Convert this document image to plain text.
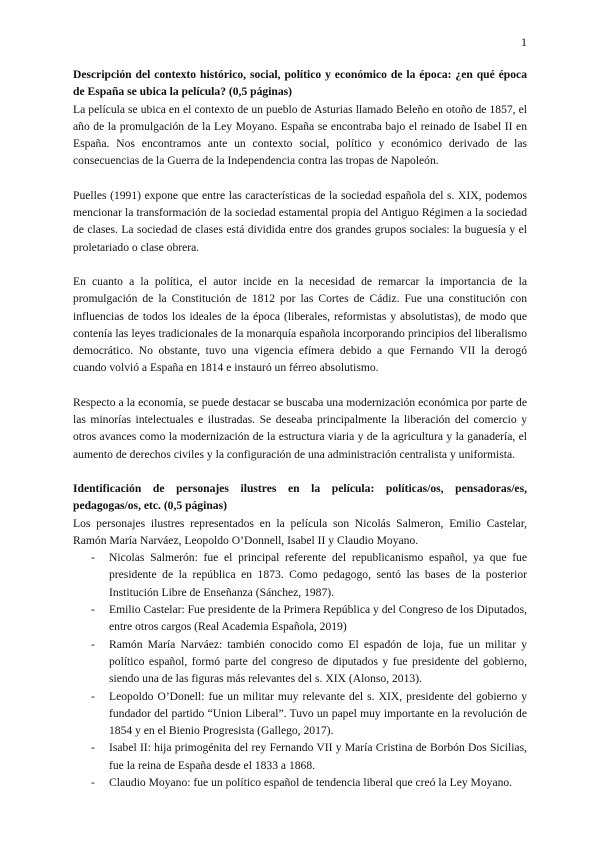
1

Descripción del contexto histórico, social, político y económico de la época: ¿en qué época de España se ubica la película? (0,5 páginas)

La película se ubica en el contexto de un pueblo de Asturias llamado Beleño en otoño de 1857, el año de la promulgación de la Ley Moyano. España se encontraba bajo el reinado de Isabel II en España. Nos encontramos ante un contexto social, político y económico derivado de las consecuencias de la Guerra de la Independencia contra las tropas de Napoleón.

Puelles (1991) expone que entre las características de la sociedad española del s. XIX, podemos mencionar la transformación de la sociedad estamental propia del Antiguo Régimen a la sociedad de clases. La sociedad de clases está dividida entre dos grandes grupos sociales: la buguesía y el proletariado o clase obrera.

En cuanto a la política, el autor incide en la necesidad de remarcar la importancia de la promulgación de la Constitución de 1812 por las Cortes de Cádiz. Fue una constitución con influencias de todos los ideales de la época (liberales, reformistas y absolutistas), de modo que contenía las leyes tradicionales de la monarquía española incorporando principios del liberalismo democrático. No obstante, tuvo una vigencia efímera debido a que Fernando VII la derogó cuando volvió a España en 1814 e instauró un férreo absolutismo.

Respecto a la economía, se puede destacar se buscaba una modernización económica por parte de las minorías intelectuales e ilustradas. Se deseaba principalmente la liberación del comercio y otros avances como la modernización de la estructura viaria y de la agricultura y la ganadería, el aumento de derechos civiles y la configuración de una administración centralista y uniformista.

Identificación de personajes ilustres en la película: políticas/os, pensadoras/es, pedagogas/os, etc. (0,5 páginas)

Los personajes ilustres representados en la película son Nicolás Salmeron, Emilio Castelar, Ramón María Narváez, Leopoldo O’Donnell, Isabel II y Claudio Moyano.

- Nicolas Salmerón: fue el principal referente del republicanismo español, ya que fue presidente de la república en 1873. Como pedagogo, sentó las bases de la posterior Institución Libre de Enseñanza (Sánchez, 1987).
- Emilio Castelar: Fue presidente de la Primera República y del Congreso de los Diputados, entre otros cargos (Real Academia Española, 2019)
- Ramón María Narváez: también conocido como El espadón de loja, fue un militar y político español, formó parte del congreso de diputados y fue presidente del gobierno, siendo una de las figuras más relevantes del s. XIX (Alonso, 2013).
- Leopoldo O’Donell: fue un militar muy relevante del s. XIX, presidente del gobierno y fundador del partido “Union Liberal”. Tuvo un papel muy importante en la revolución de 1854 y en el Bienio Progresista (Gallego, 2017).
- Isabel II: hija primogénita del rey Fernando VII y María Cristina de Borbón Dos Sicilias, fue la reina de España desde el 1833 a 1868.
- Claudio Moyano: fue un político español de tendencia liberal que creó la Ley Moyano.
